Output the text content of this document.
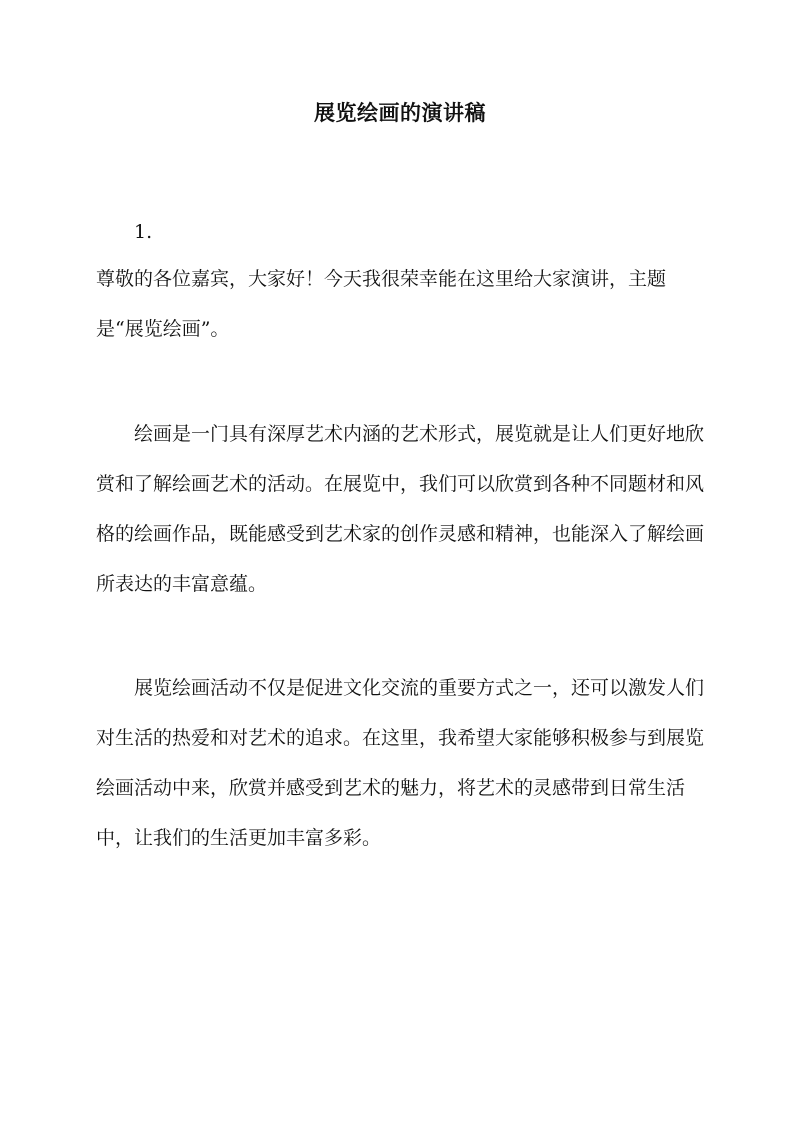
展览绘画的演讲稿

1.

尊敬的各位嘉宾，大家好！今天我很荣幸能在这里给大家演讲，主题是“展览绘画”。

绘画是一门具有深厚艺术内涵的艺术形式，展览就是让人们更好地欣赏和了解绘画艺术的活动。在展览中，我们可以欣赏到各种不同题材和风格的绘画作品，既能感受到艺术家的创作灵感和精神，也能深入了解绘画所表达的丰富意蕴。

展览绘画活动不仅是促进文化交流的重要方式之一，还可以激发人们对生活的热爱和对艺术的追求。在这里，我希望大家能够积极参与到展览绘画活动中来，欣赏并感受到艺术的魅力，将艺术的灵感带到日常生活中，让我们的生活更加丰富多彩。
